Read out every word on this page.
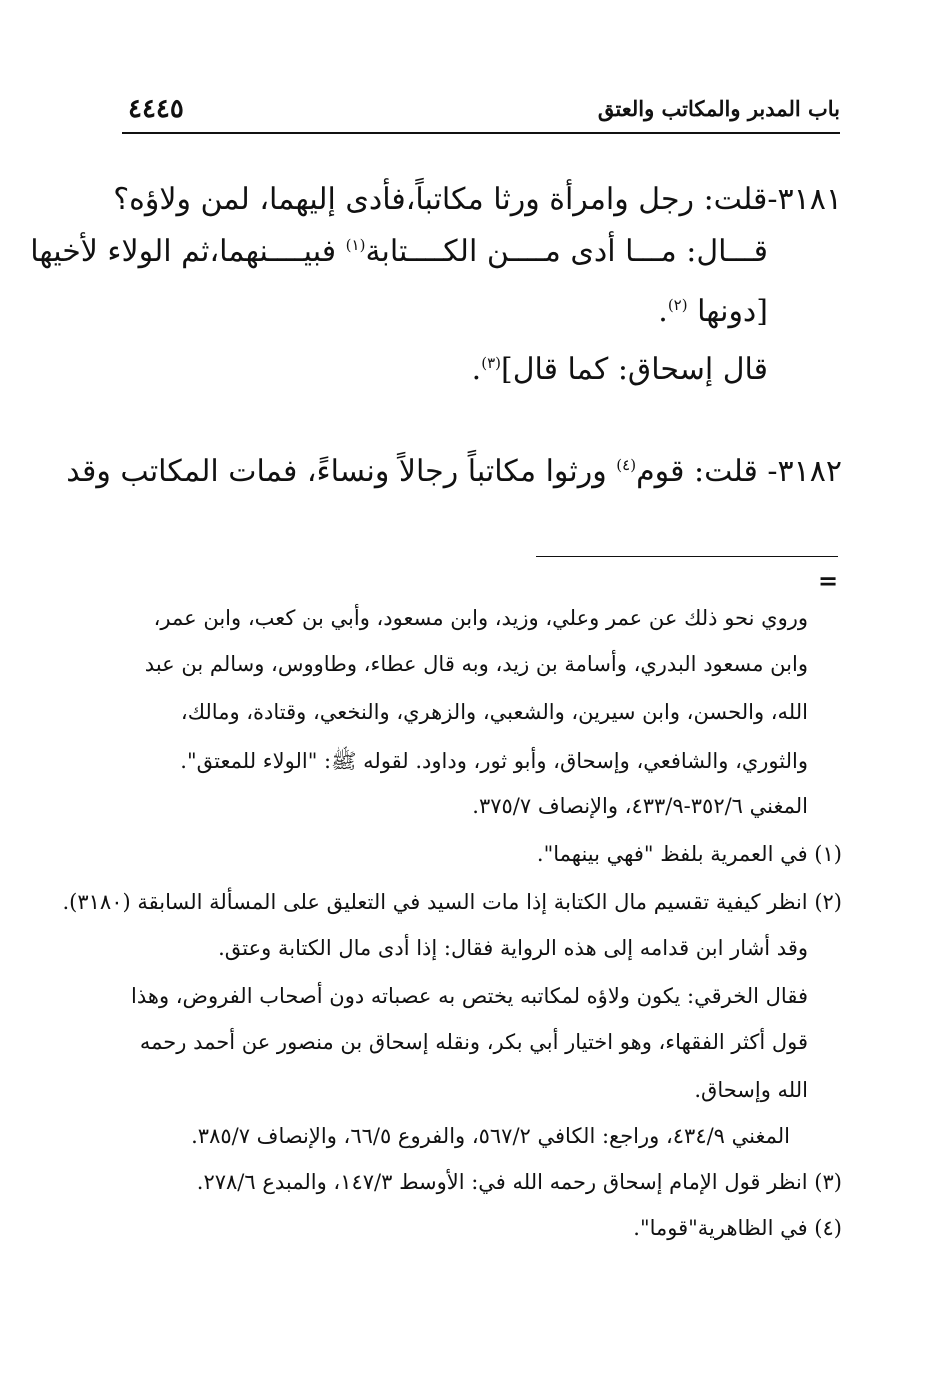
٤٤٤٥	باب المدبر والمكاتب والعتق
٣١٨١-قلت: رجل وامرأة ورثا مكاتباً،فأدى إليهما، لمن ولاؤه؟
قـــال: مـــا أدى مــــن الكــــتابة$^{(١)}$ فبيــــنهما،ثم الولاء لأخيها
[دونها $^{(٢)}$.
قال إسحاق: كما قال]$^{(٣)}$.
٣١٨٢- قلت: قوم$^{(٤)}$ ورثوا مكاتباً رجالاً ونساءً، فمات المكاتب وقد
=
وروي نحو ذلك عن عمر وعلي، وزيد، وابن مسعود، وأبي بن كعب، وابن عمر،
وابن مسعود البدري، وأسامة بن زيد، وبه قال عطاء، وطاووس، وسالم بن عبد
الله، والحسن، وابن سيرين، والشعبي، والزهري، والنخعي، وقتادة، ومالك،
والثوري، والشافعي، وإسحاق، وأبو ثور، وداود. لقوله ﷺ: "الولاء للمعتق".
المغني ٣٥٢/٦-٤٣٣/٩، والإنصاف ٣٧٥/٧.
(١) في العمرية بلفظ "فهي بينهما".
(٢) انظر كيفية تقسيم مال الكتابة إذا مات السيد في التعليق على المسألة السابقة (٣١٨٠).
وقد أشار ابن قدامه إلى هذه الرواية فقال: إذا أدى مال الكتابة وعتق.
فقال الخرقي: يكون ولاؤه لمكاتبه يختص به عصباته دون أصحاب الفروض، وهذا
قول أكثر الفقهاء، وهو اختيار أبي بكر، ونقله إسحاق بن منصور عن أحمد رحمه
الله وإسحاق.
المغني ٤٣٤/٩، وراجع: الكافي ٥٦٧/٢، والفروع ٦٦/٥، والإنصاف ٣٨٥/٧.
(٣) انظر قول الإمام إسحاق رحمه الله في: الأوسط ١٤٧/٣، والمبدع ٢٧٨/٦.
(٤) في الظاهرية"قوما".
